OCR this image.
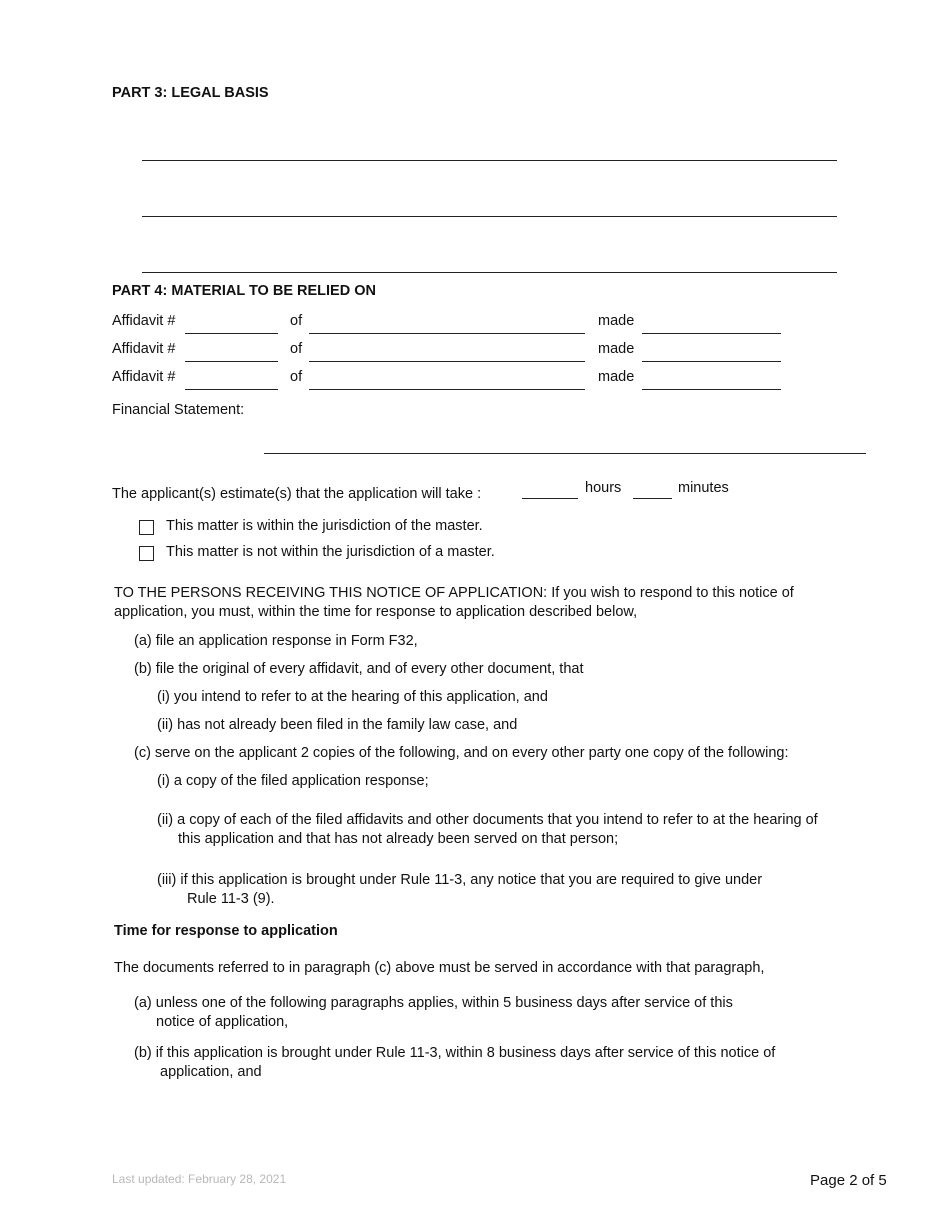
PART 3: LEGAL BASIS
PART 4: MATERIAL TO BE RELIED ON
Affidavit #	of	made
Affidavit #	of	made
Affidavit #	of	made
Financial Statement:
The applicant(s) estimate(s) that the application will take :	hours	minutes
This matter is within the jurisdiction of the master.
This matter is not within the jurisdiction of a master.
TO THE PERSONS RECEIVING THIS NOTICE OF APPLICATION: If you wish to respond to this notice of
application, you must, within the time for response to application described below,
(a) file an application response in Form F32,
(b) file the original of every affidavit, and of every other document, that
(i) you intend to refer to at the hearing of this application, and
(ii) has not already been filed in the family law case, and
(c) serve on the applicant 2 copies of the following, and on every other party one copy of the following:
(i) a copy of the filed application response;
(ii) a copy of each of the filed affidavits and other documents that you intend to refer to at the hearing of
this application and that has not already been served on that person;
(iii) if this application is brought under Rule 11-3, any notice that you are required to give under
Rule 11-3 (9).
Time for response to application
The documents referred to in paragraph (c) above must be served in accordance with that paragraph,
(a) unless one of the following paragraphs applies, within 5 business days after service of this
notice of application,
(b) if this application is brought under Rule 11-3, within 8 business days after service of this notice of
application, and
Last updated: February 28, 2021	Page 2 of 5
